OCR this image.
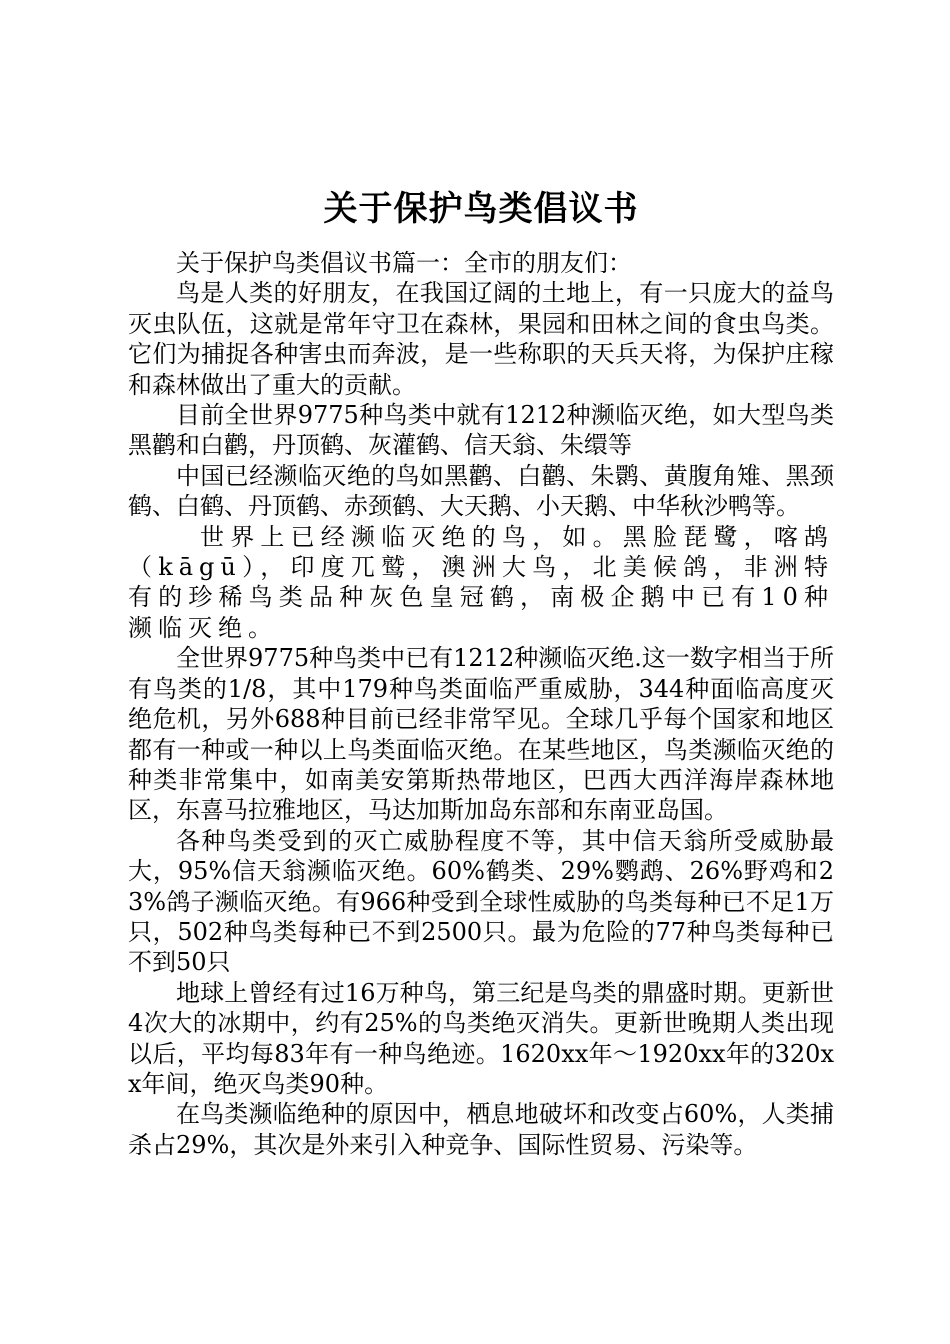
关于保护鸟类倡议书

关于保护鸟类倡议书篇一：全市的朋友们：

鸟是人类的好朋友，在我国辽阔的土地上，有一只庞大的益鸟灭虫队伍，这就是常年守卫在森林，果园和田林之间的食虫鸟类。它们为捕捉各种害虫而奔波，是一些称职的天兵天将，为保护庄稼和森林做出了重大的贡献。

目前全世界9775种鸟类中就有1212种濒临灭绝，如大型鸟类黑鹳和白鹳，丹顶鹤、灰灌鹤、信天翁、朱缳等

中国已经濒临灭绝的鸟如黑鹳、白鹳、朱鹮、黄腹角雉、黑颈鹤、白鹤、丹顶鹤、赤颈鹤、大天鹅、小天鹅、中华秋沙鸭等。

世界上已经濒临灭绝的鸟，如。黑脸琵鹭，喀鸪（kāgū），印度兀鹫，澳洲大鸟，北美候鸽，非洲特有的珍稀鸟类品种灰色皇冠鹤，南极企鹅中已有10种濒临灭绝。

全世界9775种鸟类中已有1212种濒临灭绝.这一数字相当于所有鸟类的1/8，其中179种鸟类面临严重威胁，344种面临高度灭绝危机，另外688种目前已经非常罕见。全球几乎每个国家和地区都有一种或一种以上鸟类面临灭绝。在某些地区，鸟类濒临灭绝的种类非常集中，如南美安第斯热带地区，巴西大西洋海岸森林地区，东喜马拉雅地区，马达加斯加岛东部和东南亚岛国。

各种鸟类受到的灭亡威胁程度不等，其中信天翁所受威胁最大，95%信天翁濒临灭绝。60%鹤类、29%鹦鹉、26%野鸡和23%鸽子濒临灭绝。有966种受到全球性威胁的鸟类每种已不足1万只，502种鸟类每种已不到2500只。最为危险的77种鸟类每种已不到50只

地球上曾经有过16万种鸟，第三纪是鸟类的鼎盛时期。更新世4次大的冰期中，约有25%的鸟类绝灭消失。更新世晚期人类出现以后，平均每83年有一种鸟绝迹。1620xx年～1920xx年的320xx年间，绝灭鸟类90种。

在鸟类濒临绝种的原因中，栖息地破坏和改变占60%，人类捕杀占29%，其次是外来引入种竞争、国际性贸易、污染等。
